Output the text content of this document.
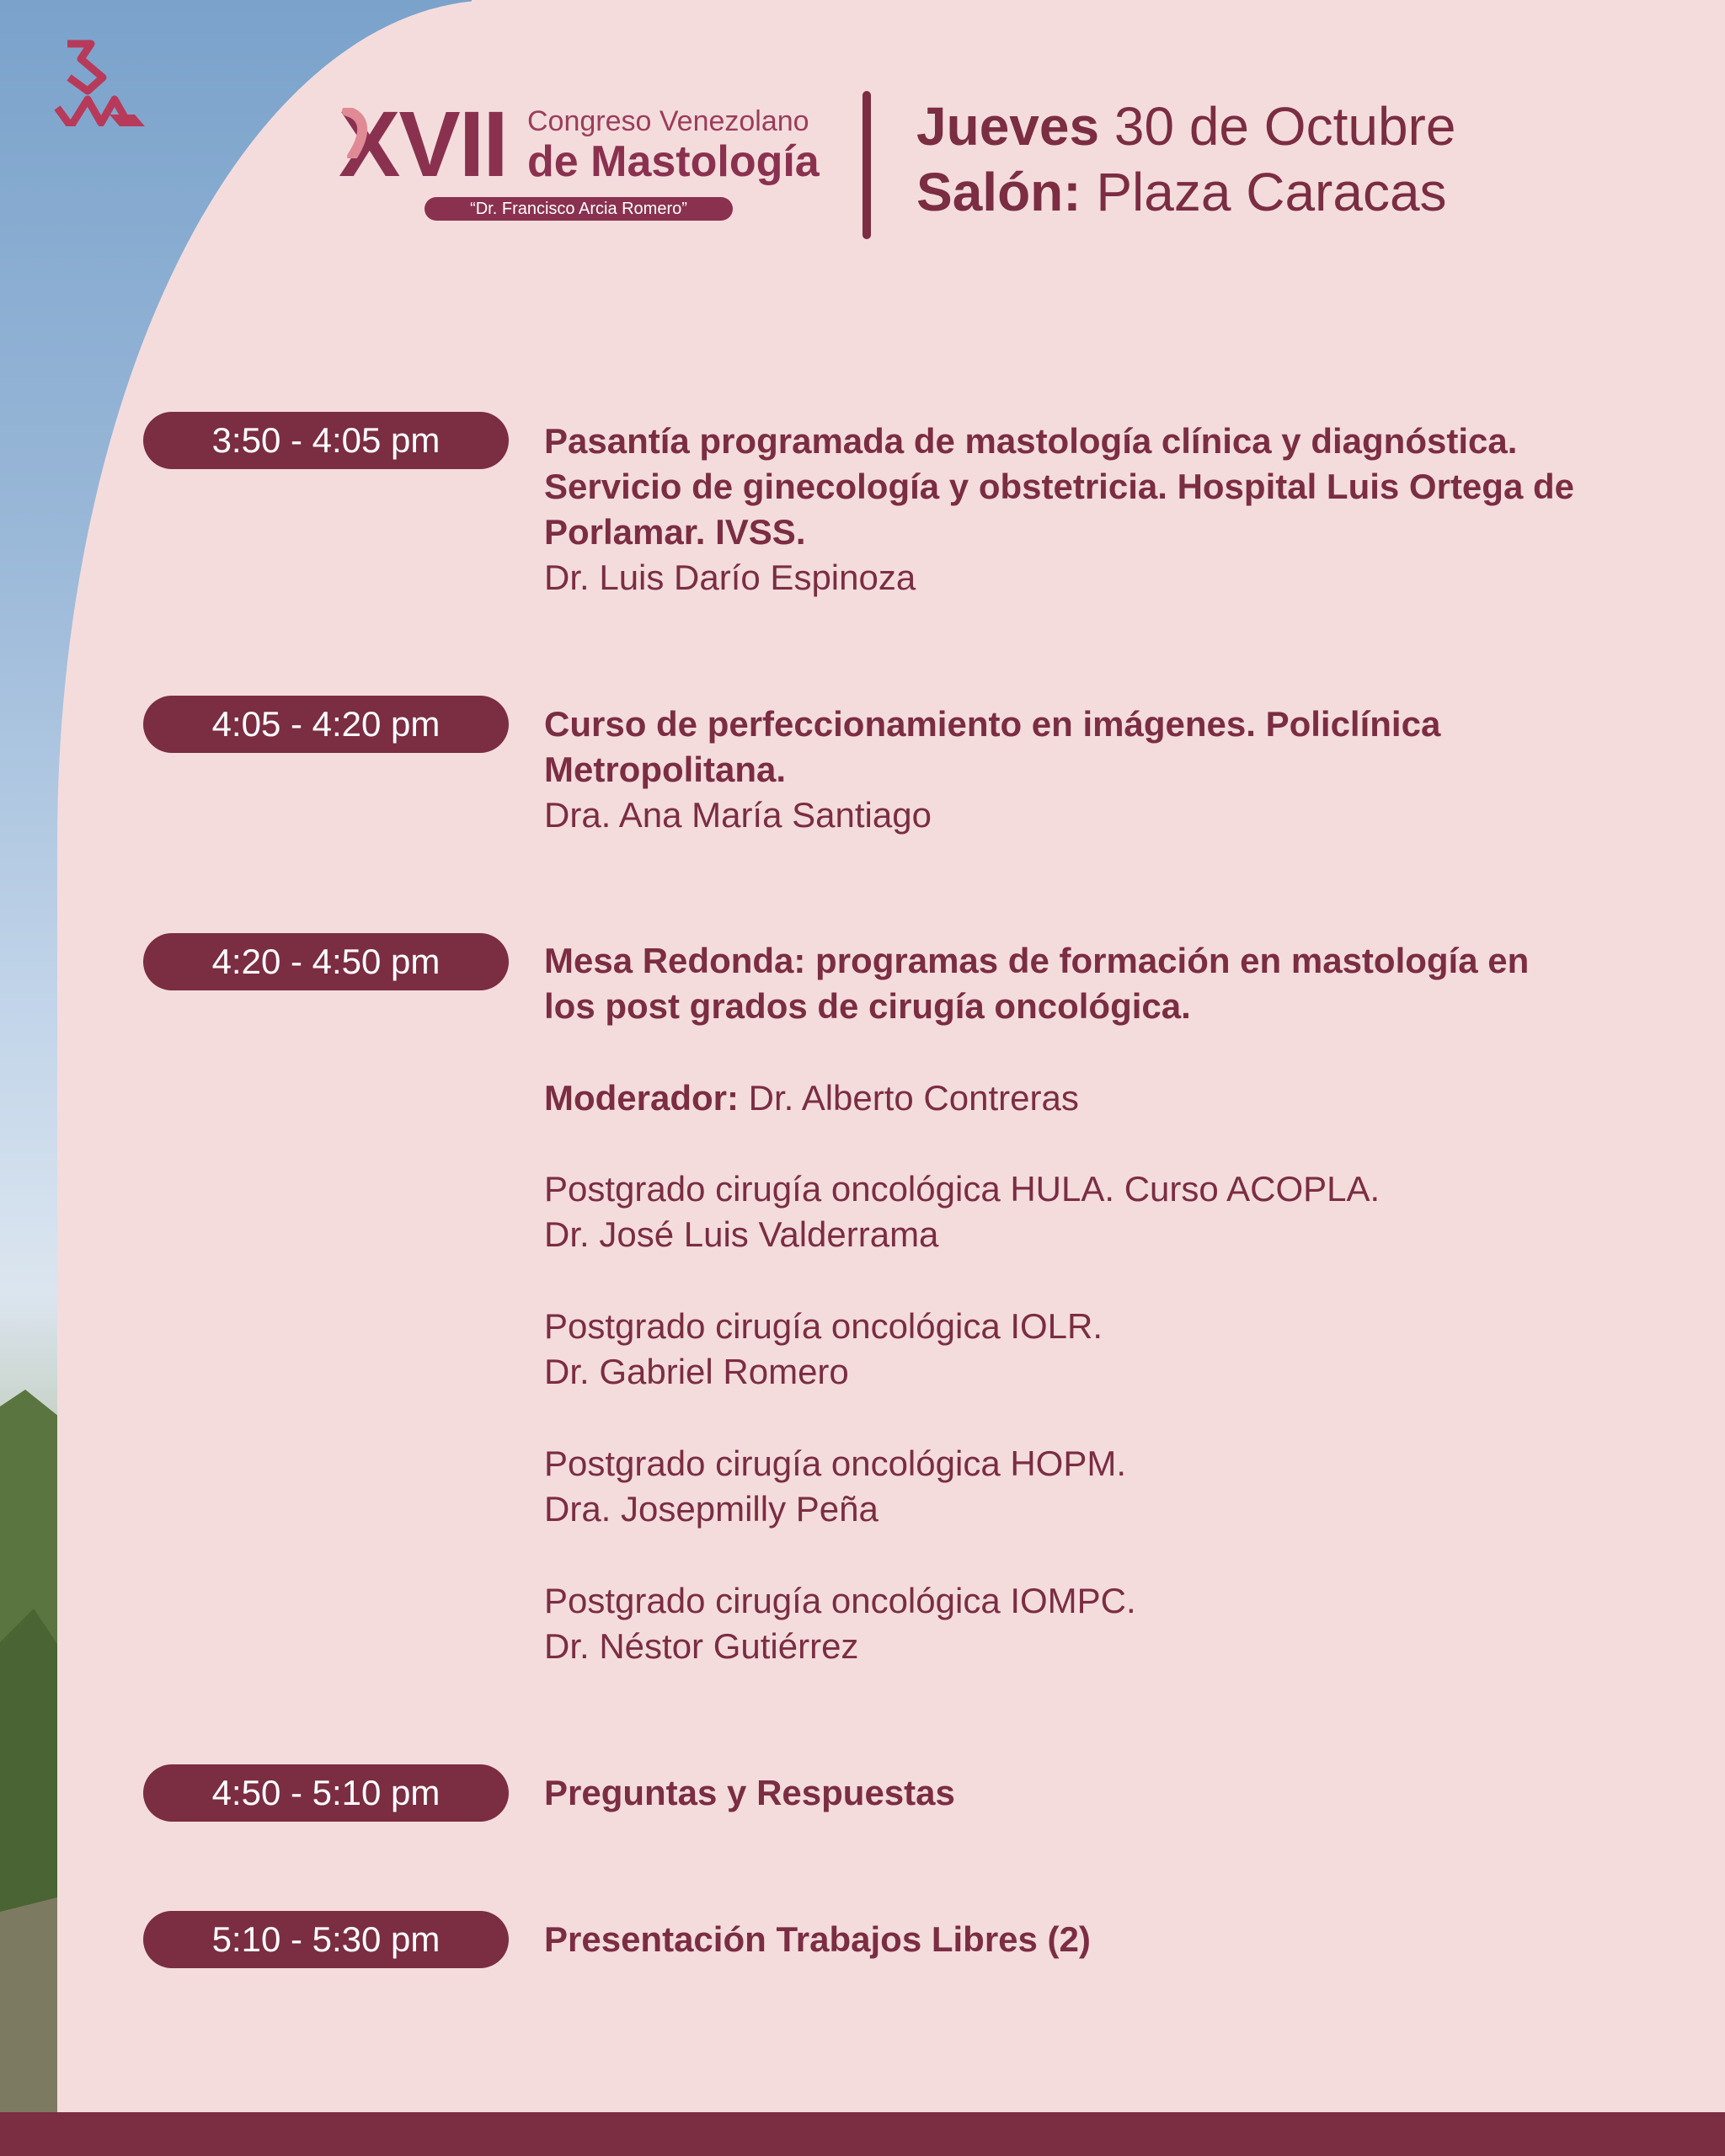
XVII Congreso Venezolano
de Mastología
“Dr. Francisco Arcia Romero”
Jueves 30 de Octubre
Salón: Plaza Caracas
3:50 - 4:05 pm	Pasantía programada de mastología clínica y diagnóstica.
Servicio de ginecología y obstetricia. Hospital Luis Ortega de
Porlamar. IVSS.
Dr. Luis Darío Espinoza
4:05 - 4:20 pm	Curso de perfeccionamiento en imágenes. Policlínica
Metropolitana.
Dra. Ana María Santiago
4:20 - 4:50 pm	Mesa Redonda: programas de formación en mastología en
los post grados de cirugía oncológica.
Moderador: Dr. Alberto Contreras
Postgrado cirugía oncológica HULA. Curso ACOPLA.
Dr. José Luis Valderrama
Postgrado cirugía oncológica IOLR.
Dr. Gabriel Romero
Postgrado cirugía oncológica HOPM.
Dra. Josepmilly Peña
Postgrado cirugía oncológica IOMPC.
Dr. Néstor Gutiérrez
4:50 - 5:10 pm	Preguntas y Respuestas
5:10 - 5:30 pm	Presentación Trabajos Libres (2)
